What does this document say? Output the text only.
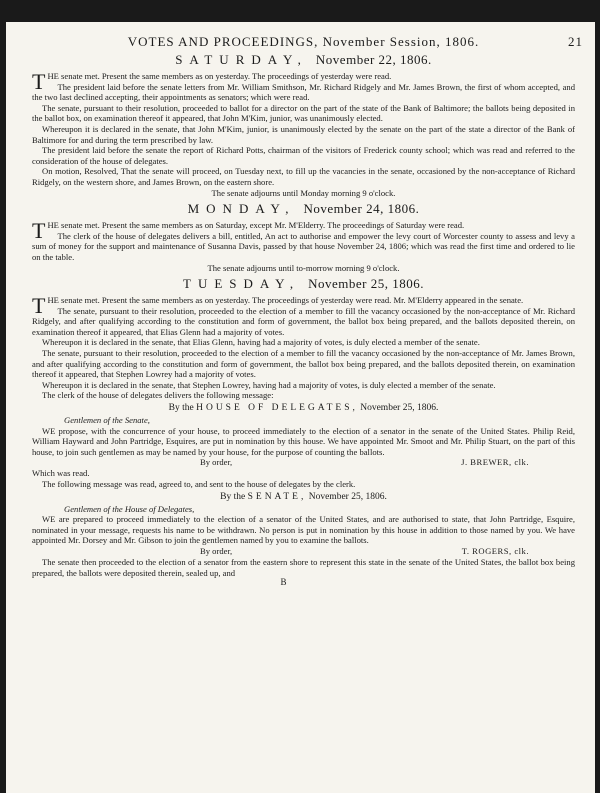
VOTES AND PROCEEDINGS, November Session, 1806.	21
SATURDAY, November 22, 1806.

THE senate met. Present the same members as on yesterday. The proceedings of yesterday were read.

The president laid before the senate letters from Mr. William Smithson, Mr. Richard Ridgely and Mr. James Brown, the first of whom accepted, and the two last declined accepting, their appointments as senators; which were read.

The senate, pursuant to their resolution, proceeded to ballot for a director on the part of the state of the Bank of Baltimore; the ballots being deposited in the ballot box, on examination thereof it appeared, that John M'Kim, junior, was unanimously elected.

Whereupon it is declared in the senate, that John M'Kim, junior, is unanimously elected by the senate on the part of the state a director of the Bank of Baltimore for and during the term prescribed by law.

The president laid before the senate the report of Richard Potts, chairman of the visitors of Frederick county school; which was read and referred to the consideration of the house of delegates.

On motion, Resolved, That the senate will proceed, on Tuesday next, to fill up the vacancies in the senate, occasioned by the non-acceptance of Richard Ridgely, on the western shore, and James Brown, on the eastern shore.

The senate adjourns until Monday morning 9 o'clock.
MONDAY, November 24, 1806.

THE senate met. Present the same members as on Saturday, except Mr. M'Elderry. The proceedings of Saturday were read.

The clerk of the house of delegates delivers a bill, entitled, An act to authorise and empower the levy court of Worcester county to assess and levy a sum of money for the support and maintenance of Susanna Davis, passed by that house November 24, 1806; which was read the first time and ordered to lie on the table.

The senate adjourns until to-morrow morning 9 o'clock.
TUESDAY, November 25, 1806.

THE senate met. Present the same members as on yesterday. The proceedings of yesterday were read. Mr. M'Elderry appeared in the senate.

The senate, pursuant to their resolution, proceeded to the election of a member to fill the vacancy occasioned by the non-acceptance of Mr. Richard Ridgely, and after qualifying according to the constitution and form of government, the ballot box being prepared, and the ballots deposited therein, on examination thereof it appeared, that Elias Glenn had a majority of votes.

Whereupon it is declared in the senate, that Elias Glenn, having had a majority of votes, is duly elected a member of the senate.

The senate, pursuant to their resolution, proceeded to the election of a member to fill the vacancy occasioned by the non-acceptance of Mr. James Brown, and after qualifying according to the constitution and form of government, the ballot box being prepared, and the ballots deposited therein, on examination thereof it appeared, that Stephen Lowrey had a majority of votes.

Whereupon it is declared in the senate, that Stephen Lowrey, having had a majority of votes, is duly elected a member of the senate.

The clerk of the house of delegates delivers the following message:

By the HOUSE OF DELEGATES, November 25, 1806.
Gentlemen of the Senate,

WE propose, with the concurrence of your house, to proceed immediately to the election of a senator in the senate of the United States. Philip Reid, William Hayward and John Partridge, Esquires, are put in nomination by this house. We have appointed Mr. Smoot and Mr. Philip Stuart, on the part of this house, to join such gentlemen as may be named by your house, for the purpose of counting the ballots.

By order,	J. BREWER, clk.

Which was read.

The following message was read, agreed to, and sent to the house of delegates by the clerk.

By the SENATE, November 25, 1806.
Gentlemen of the House of Delegates,

WE are prepared to proceed immediately to the election of a senator of the United States, and are authorised to state, that John Partridge, Esquire, nominated in your message, requests his name to be withdrawn. No person is put in nomination by this house in addition to those named by you. We have appointed Mr. Dorsey and Mr. Gibson to join the gentlemen named by you to examine the ballots.

By order,	T. ROGERS, clk.

The senate then proceeded to the election of a senator from the eastern shore to represent this state in the senate of the United States, the ballot box being prepared, the ballots were deposited therein, sealed up, and

B
